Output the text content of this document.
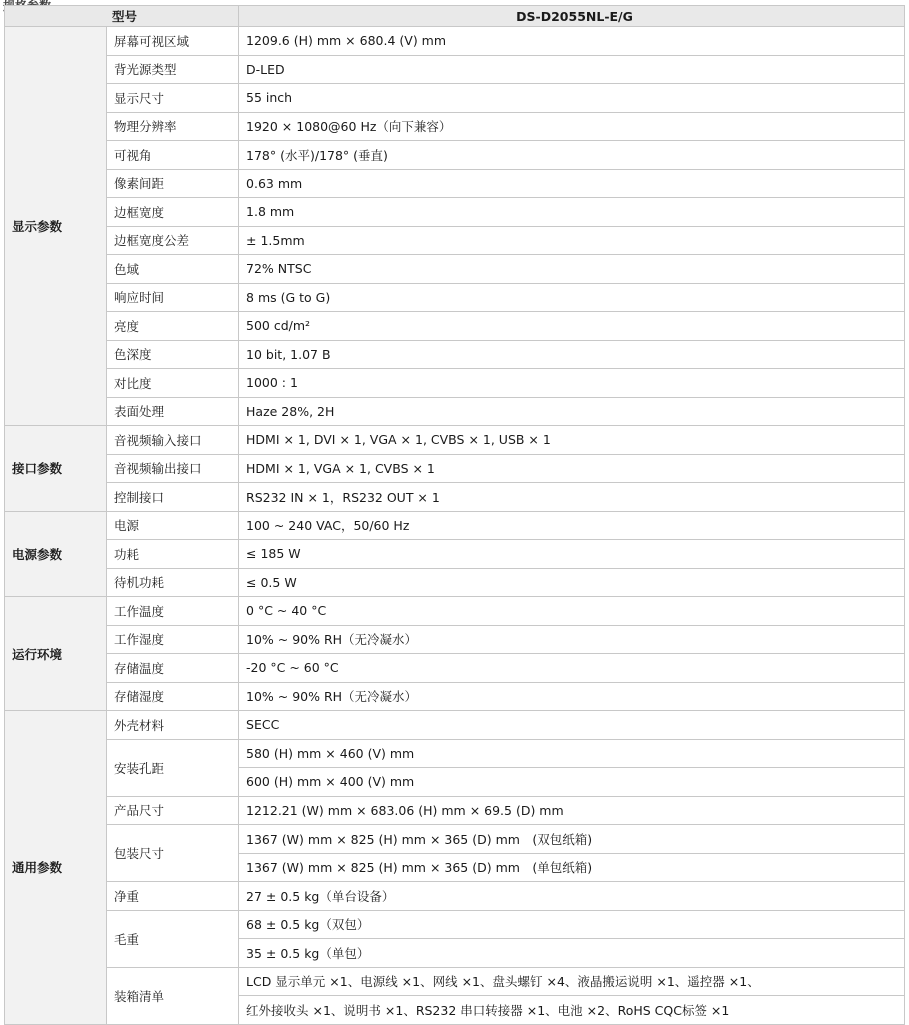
型号		DS-D2055NL-E/G
显示参数	屏幕可视区域	1209.6 (H) mm × 680.4 (V) mm
	背光源类型	D-LED
	显示尺寸	55 inch
	物理分辨率	1920 × 1080@60 Hz（向下兼容）
	可视角	178° (水平)/178° (垂直)
	像素间距	0.63 mm
	边框宽度	1.8 mm
	边框宽度公差	± 1.5mm
	色域	72% NTSC
	响应时间	8 ms (G to G)
	亮度	500 cd/m²
	色深度	10 bit, 1.07 B
	对比度	1000 : 1
	表面处理	Haze 28%, 2H
接口参数	音视频输入接口	HDMI × 1, DVI × 1, VGA × 1, CVBS × 1, USB × 1
	音视频输出接口	HDMI × 1, VGA × 1, CVBS × 1
	控制接口	RS232 IN × 1，RS232 OUT × 1
电源参数	电源	100 ~ 240 VAC，50/60 Hz
	功耗	≤ 185 W
	待机功耗	≤ 0.5 W
运行环境	工作温度	0 °C ~ 40 °C
	工作湿度	10% ~ 90% RH（无冷凝水）
	存储温度	-20 °C ~ 60 °C
	存储湿度	10% ~ 90% RH（无冷凝水）
通用参数	外壳材料	SECC
	安装孔距	580 (H) mm × 460 (V) mm
		600 (H) mm × 400 (V) mm
	产品尺寸	1212.21 (W) mm × 683.06 (H) mm × 69.5 (D) mm
	包装尺寸	1367 (W) mm × 825 (H) mm × 365 (D) mm　(双包纸箱)
		1367 (W) mm × 825 (H) mm × 365 (D) mm　(单包纸箱)
	净重	27 ± 0.5 kg（单台设备）
	毛重	68 ± 0.5 kg（双包）
		35 ± 0.5 kg（单包）
	装箱清单	LCD 显示单元 ×1、电源线 ×1、网线 ×1、盘头螺钉 ×4、液晶搬运说明 ×1、遥控器 ×1、
		红外接收头 ×1、说明书 ×1、RS232 串口转接器 ×1、电池 ×2、RoHS CQC标签 ×1
